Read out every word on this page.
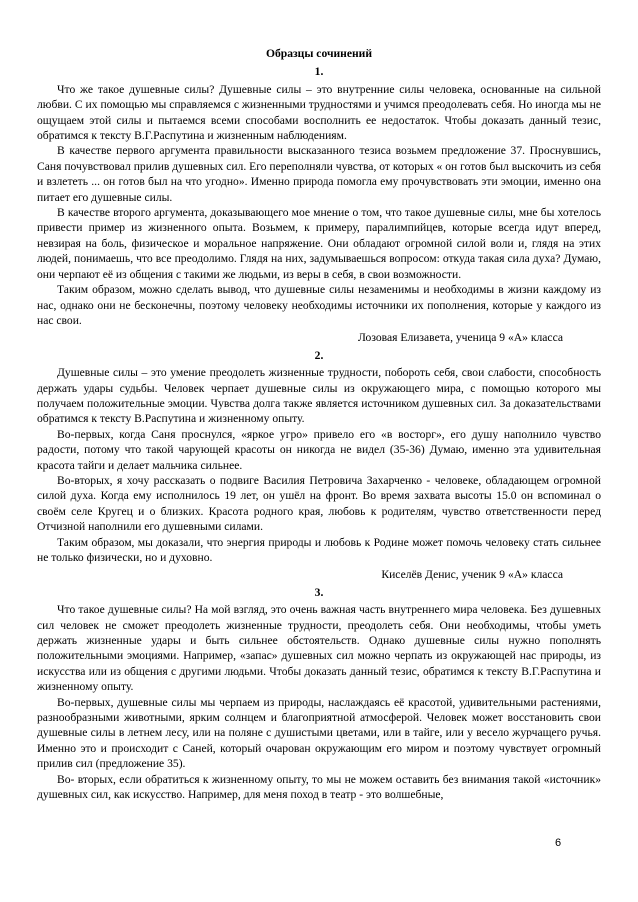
Образцы сочинений
1.

Что же такое душевные силы? Душевные силы – это внутренние силы человека, основанные на сильной любви. С их помощью мы справляемся с жизненными трудностями и учимся преодолевать себя. Но иногда мы не ощущаем этой силы и пытаемся всеми способами восполнить ее недостаток. Чтобы доказать данный тезис, обратимся к тексту В.Г.Распутина и жизненным наблюдениям.

В качестве первого аргумента правильности высказанного тезиса возьмем предложение 37. Проснувшись, Саня почувствовал прилив душевных сил. Его переполняли чувства, от которых « он готов был выскочить из себя и взлететь ... он готов был на что угодно». Именно природа помогла ему прочувствовать эти эмоции, именно она питает его душевные силы.

В качестве второго аргумента, доказывающего мое мнение о том, что такое душевные силы, мне бы хотелось привести пример из жизненного опыта. Возьмем, к примеру, паралимпийцев, которые всегда идут вперед, невзирая на боль, физическое и моральное напряжение. Они обладают огромной силой воли и, глядя на этих людей, понимаешь, что все преодолимо. Глядя на них, задумываешься вопросом: откуда такая сила духа? Думаю, они черпают её из общения с такими же людьми, из веры в себя, в свои возможности.

Таким образом, можно сделать вывод, что душевные силы незаменимы и необходимы в жизни каждому из нас, однако они не бесконечны, поэтому человеку необходимы источники их пополнения, которые у каждого из нас свои.

Лозовая Елизавета, ученица 9 «А» класса
2.

Душевные силы – это умение преодолеть жизненные трудности, побороть себя, свои слабости, способность держать удары судьбы. Человек черпает душевные силы из окружающего мира, с помощью которого мы получаем положительные эмоции. Чувства долга также является источником душевных сил. За доказательствами обратимся к тексту В.Распутина и жизненному опыту.

Во-первых, когда Саня проснулся, «яркое угро» привело его «в восторг», его душу наполнило чувство радости, потому что такой чарующей красоты он никогда не видел (35-36) Думаю, именно эта удивительная красота тайги и делает мальчика сильнее.

Во-вторых, я хочу рассказать о подвиге Василия Петровича Захарченко - человеке, обладающем огромной силой духа. Когда ему исполнилось 19 лет, он ушёл на фронт. Во время захвата высоты 15.0 он вспоминал о своём селе Кругец и о близких. Красота родного края, любовь к родителям, чувство ответственности перед Отчизной наполнили его душевными силами.

Таким образом, мы доказали, что энергия природы и любовь к Родине может помочь человеку стать сильнее не только физически, но и духовно.

Киселёв Денис, ученик 9 «А» класса
3.

Что такое душевные силы? На мой взгляд, это очень важная часть внутреннего мира человека. Без душевных сил человек не сможет преодолеть жизненные трудности, преодолеть себя. Они необходимы, чтобы уметь держать жизненные удары и быть сильнее обстоятельств. Однако душевные силы нужно пополнять положительными эмоциями. Например, «запас» душевных сил можно черпать из окружающей нас природы, из искусства или из общения с другими людьми. Чтобы доказать данный тезис, обратимся к тексту В.Г.Распутина и жизненному опыту.

Во-первых, душевные силы мы черпаем из природы, наслаждаясь её красотой, удивительными растениями, разнообразными животными, ярким солнцем и благоприятной атмосферой. Человек может восстановить свои душевные силы в летнем лесу, или на поляне с душистыми цветами, или в тайге, или у весело журчащего ручья. Именно это и происходит с Саней, который очарован окружающим его миром и поэтому чувствует огромный прилив сил (предложение 35).

Во- вторых, если обратиться к жизненному опыту, то мы не можем оставить без внимания такой «источник» душевных сил, как искусство. Например, для меня поход в театр - это волшебные,

6
